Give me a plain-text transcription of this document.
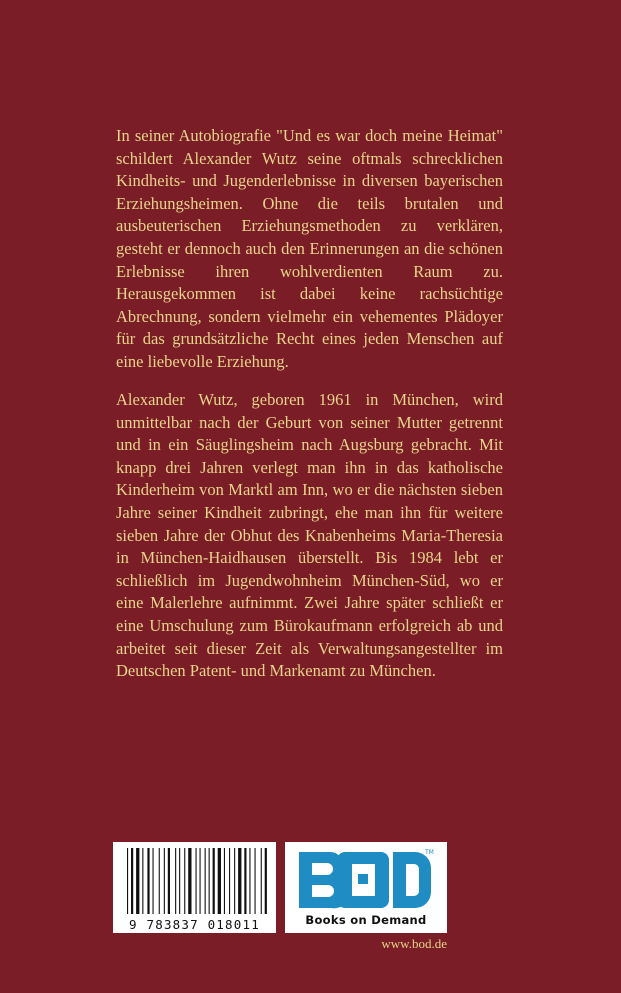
In seiner Autobiografie "Und es war doch meine Heimat" schildert Alexander Wutz seine oftmals schrecklichen Kindheits- und Jugenderlebnisse in diversen bayerischen Erziehungsheimen. Ohne die teils brutalen und ausbeuterischen Erziehungsmethoden zu verklären, gesteht er dennoch auch den Erinnerungen an die schönen Erlebnisse ihren wohlverdienten Raum zu. Herausgekommen ist dabei keine rachsüchtige Abrechnung, sondern vielmehr ein vehementes Plädoyer für das grundsätzliche Recht eines jeden Menschen auf eine liebevolle Erziehung.

Alexander Wutz, geboren 1961 in München, wird unmittelbar nach der Geburt von seiner Mutter getrennt und in ein Säuglingsheim nach Augsburg gebracht. Mit knapp drei Jahren verlegt man ihn in das katholische Kinderheim von Marktl am Inn, wo er die nächsten sieben Jahre seiner Kindheit zubringt, ehe man ihn für weitere sieben Jahre der Obhut des Knabenheims Maria-Theresia in München-Haidhausen überstellt. Bis 1984 lebt er schließlich im Jugendwohnheim München-Süd, wo er eine Malerlehre aufnimmt. Zwei Jahre später schließt er eine Umschulung zum Bürokaufmann erfolgreich ab und arbeitet seit dieser Zeit als Verwaltungsangestellter im Deutschen Patent- und Markenamt zu München.

9 783837 018011
TM
Books on Demand
www.bod.de
